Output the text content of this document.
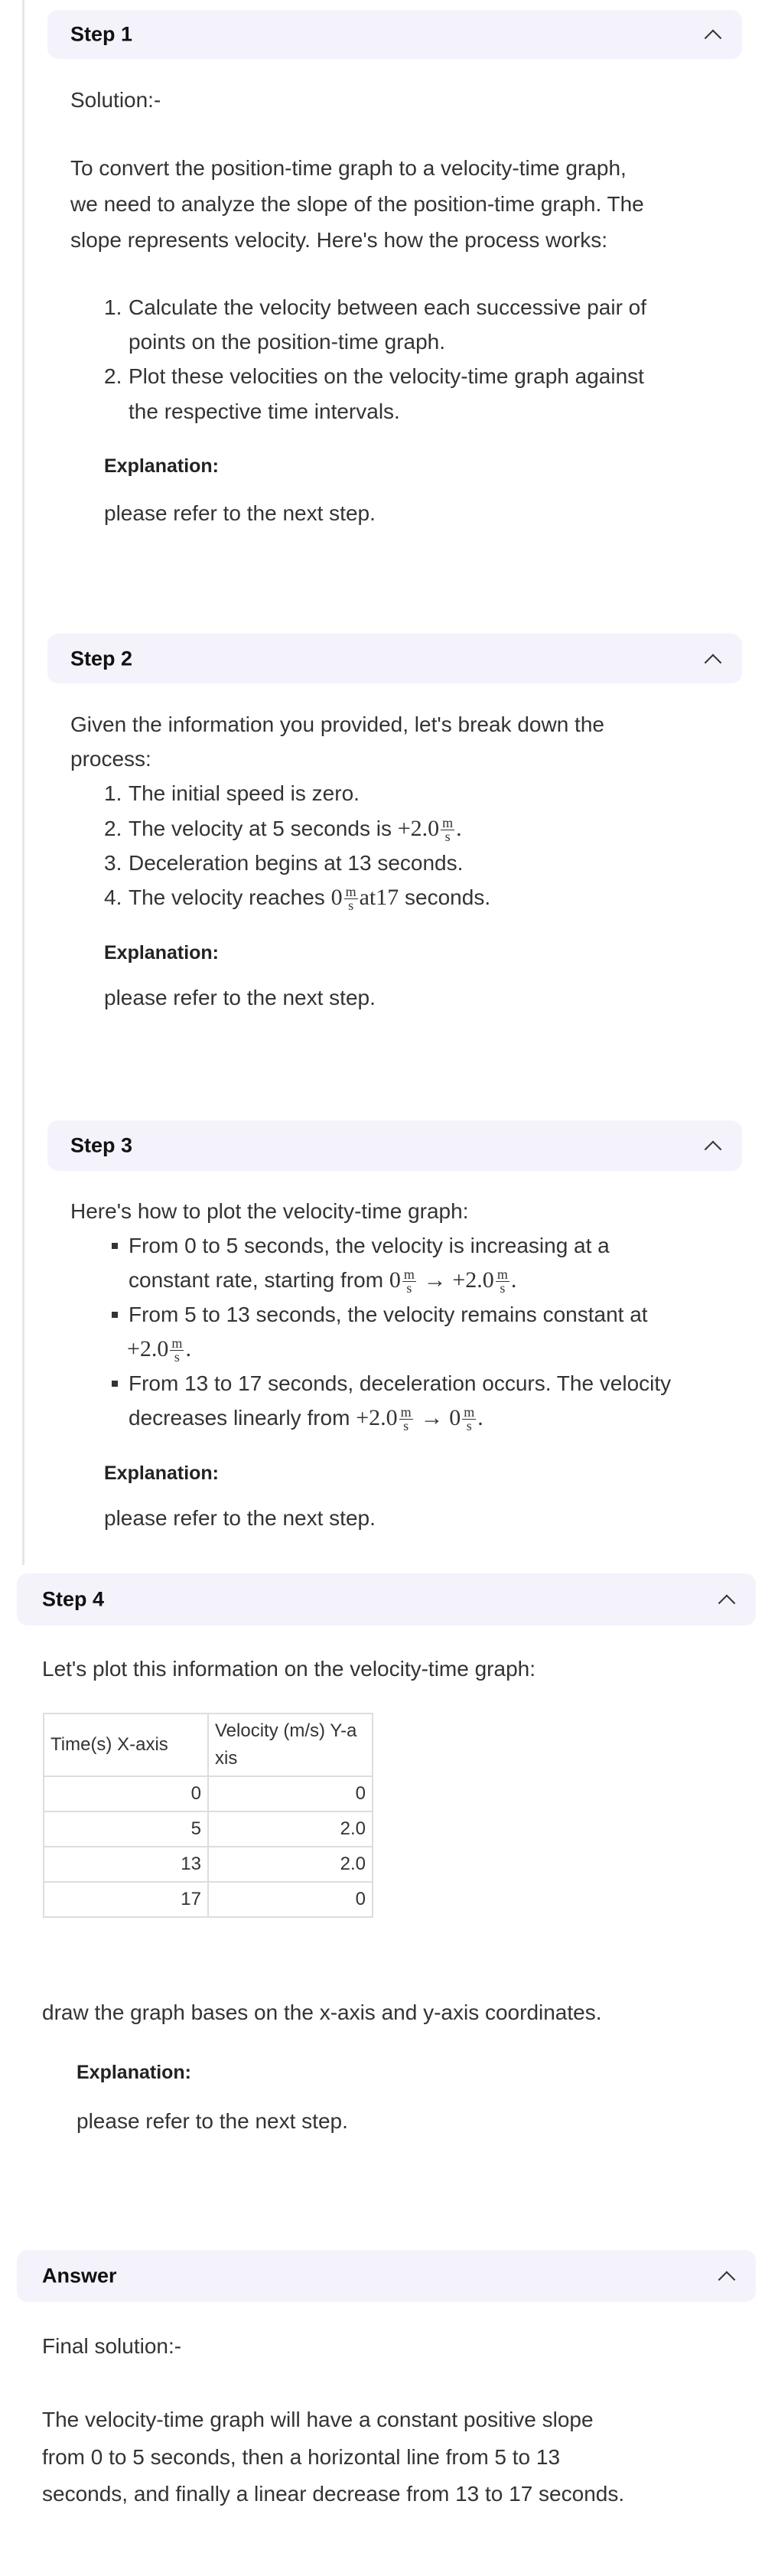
Step 1
Solution:-
To convert the position-time graph to a velocity-time graph,
we need to analyze the slope of the position-time graph. The
slope represents velocity. Here's how the process works:
1. Calculate the velocity between each successive pair of
points on the position-time graph.
2. Plot these velocities on the velocity-time graph against
the respective time intervals.
Explanation:
please refer to the next step.
Step 2
Given the information you provided, let's break down the
process:
1. The initial speed is zero.
2. The velocity at 5 seconds is $+2.0 \frac{m}{s}$ .
3. Deceleration begins at 13 seconds.
4. The velocity reaches $0 \frac{m}{s} at17$ seconds.
Explanation:
please refer to the next step.
Step 3
Here's how to plot the velocity-time graph:
From 0 to 5 seconds, the velocity is increasing at a
constant rate, starting from $0 \frac{m}{s} \to +2.0 \frac{m}{s}$ .
From 5 to 13 seconds, the velocity remains constant at
$+2.0 \frac{m}{s}$ .
From 13 to 17 seconds, deceleration occurs. The velocity
decreases linearly from $+2.0 \frac{m}{s} \to 0 \frac{m}{s}$ .
Explanation:
please refer to the next step.
Step 4
Let's plot this information on the velocity-time graph:
Time(s) X-axis	Velocity (m/s) Y-a xis
0	0
5	2.0
13	2.0
17	0
draw the graph bases on the x-axis and y-axis coordinates.
Explanation:
please refer to the next step.
Answer
Final solution:-
The velocity-time graph will have a constant positive slope
from 0 to 5 seconds, then a horizontal line from 5 to 13
seconds, and finally a linear decrease from 13 to 17 seconds.
